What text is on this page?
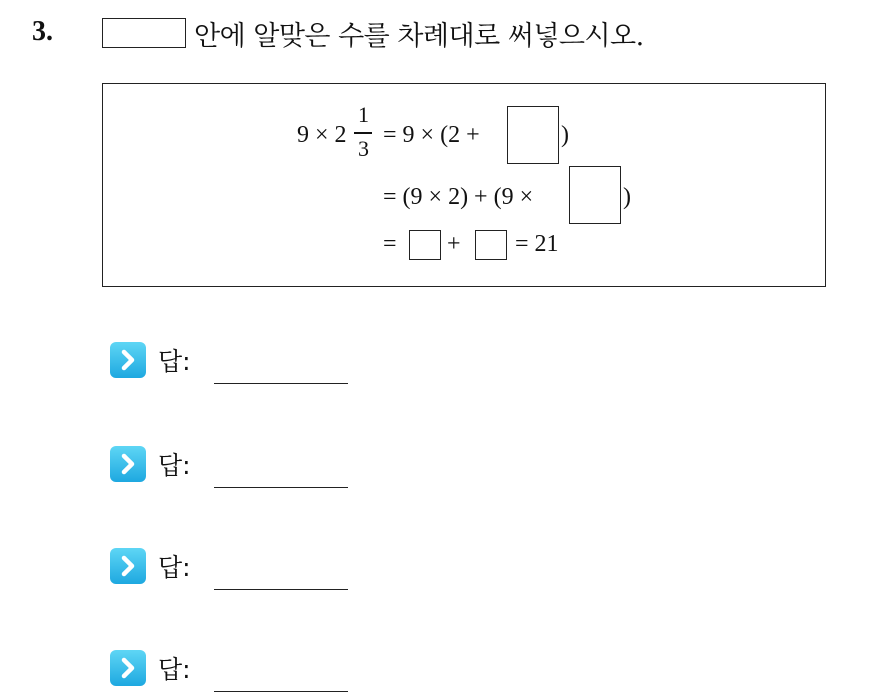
3.	안에 알맞은 수를 차례대로 써넣으시오.
9 × 2
1
3
= 9 × (2 +	)
= (9 × 2) + (9 ×	)
= + = 21
답:
답:
답:
답:
